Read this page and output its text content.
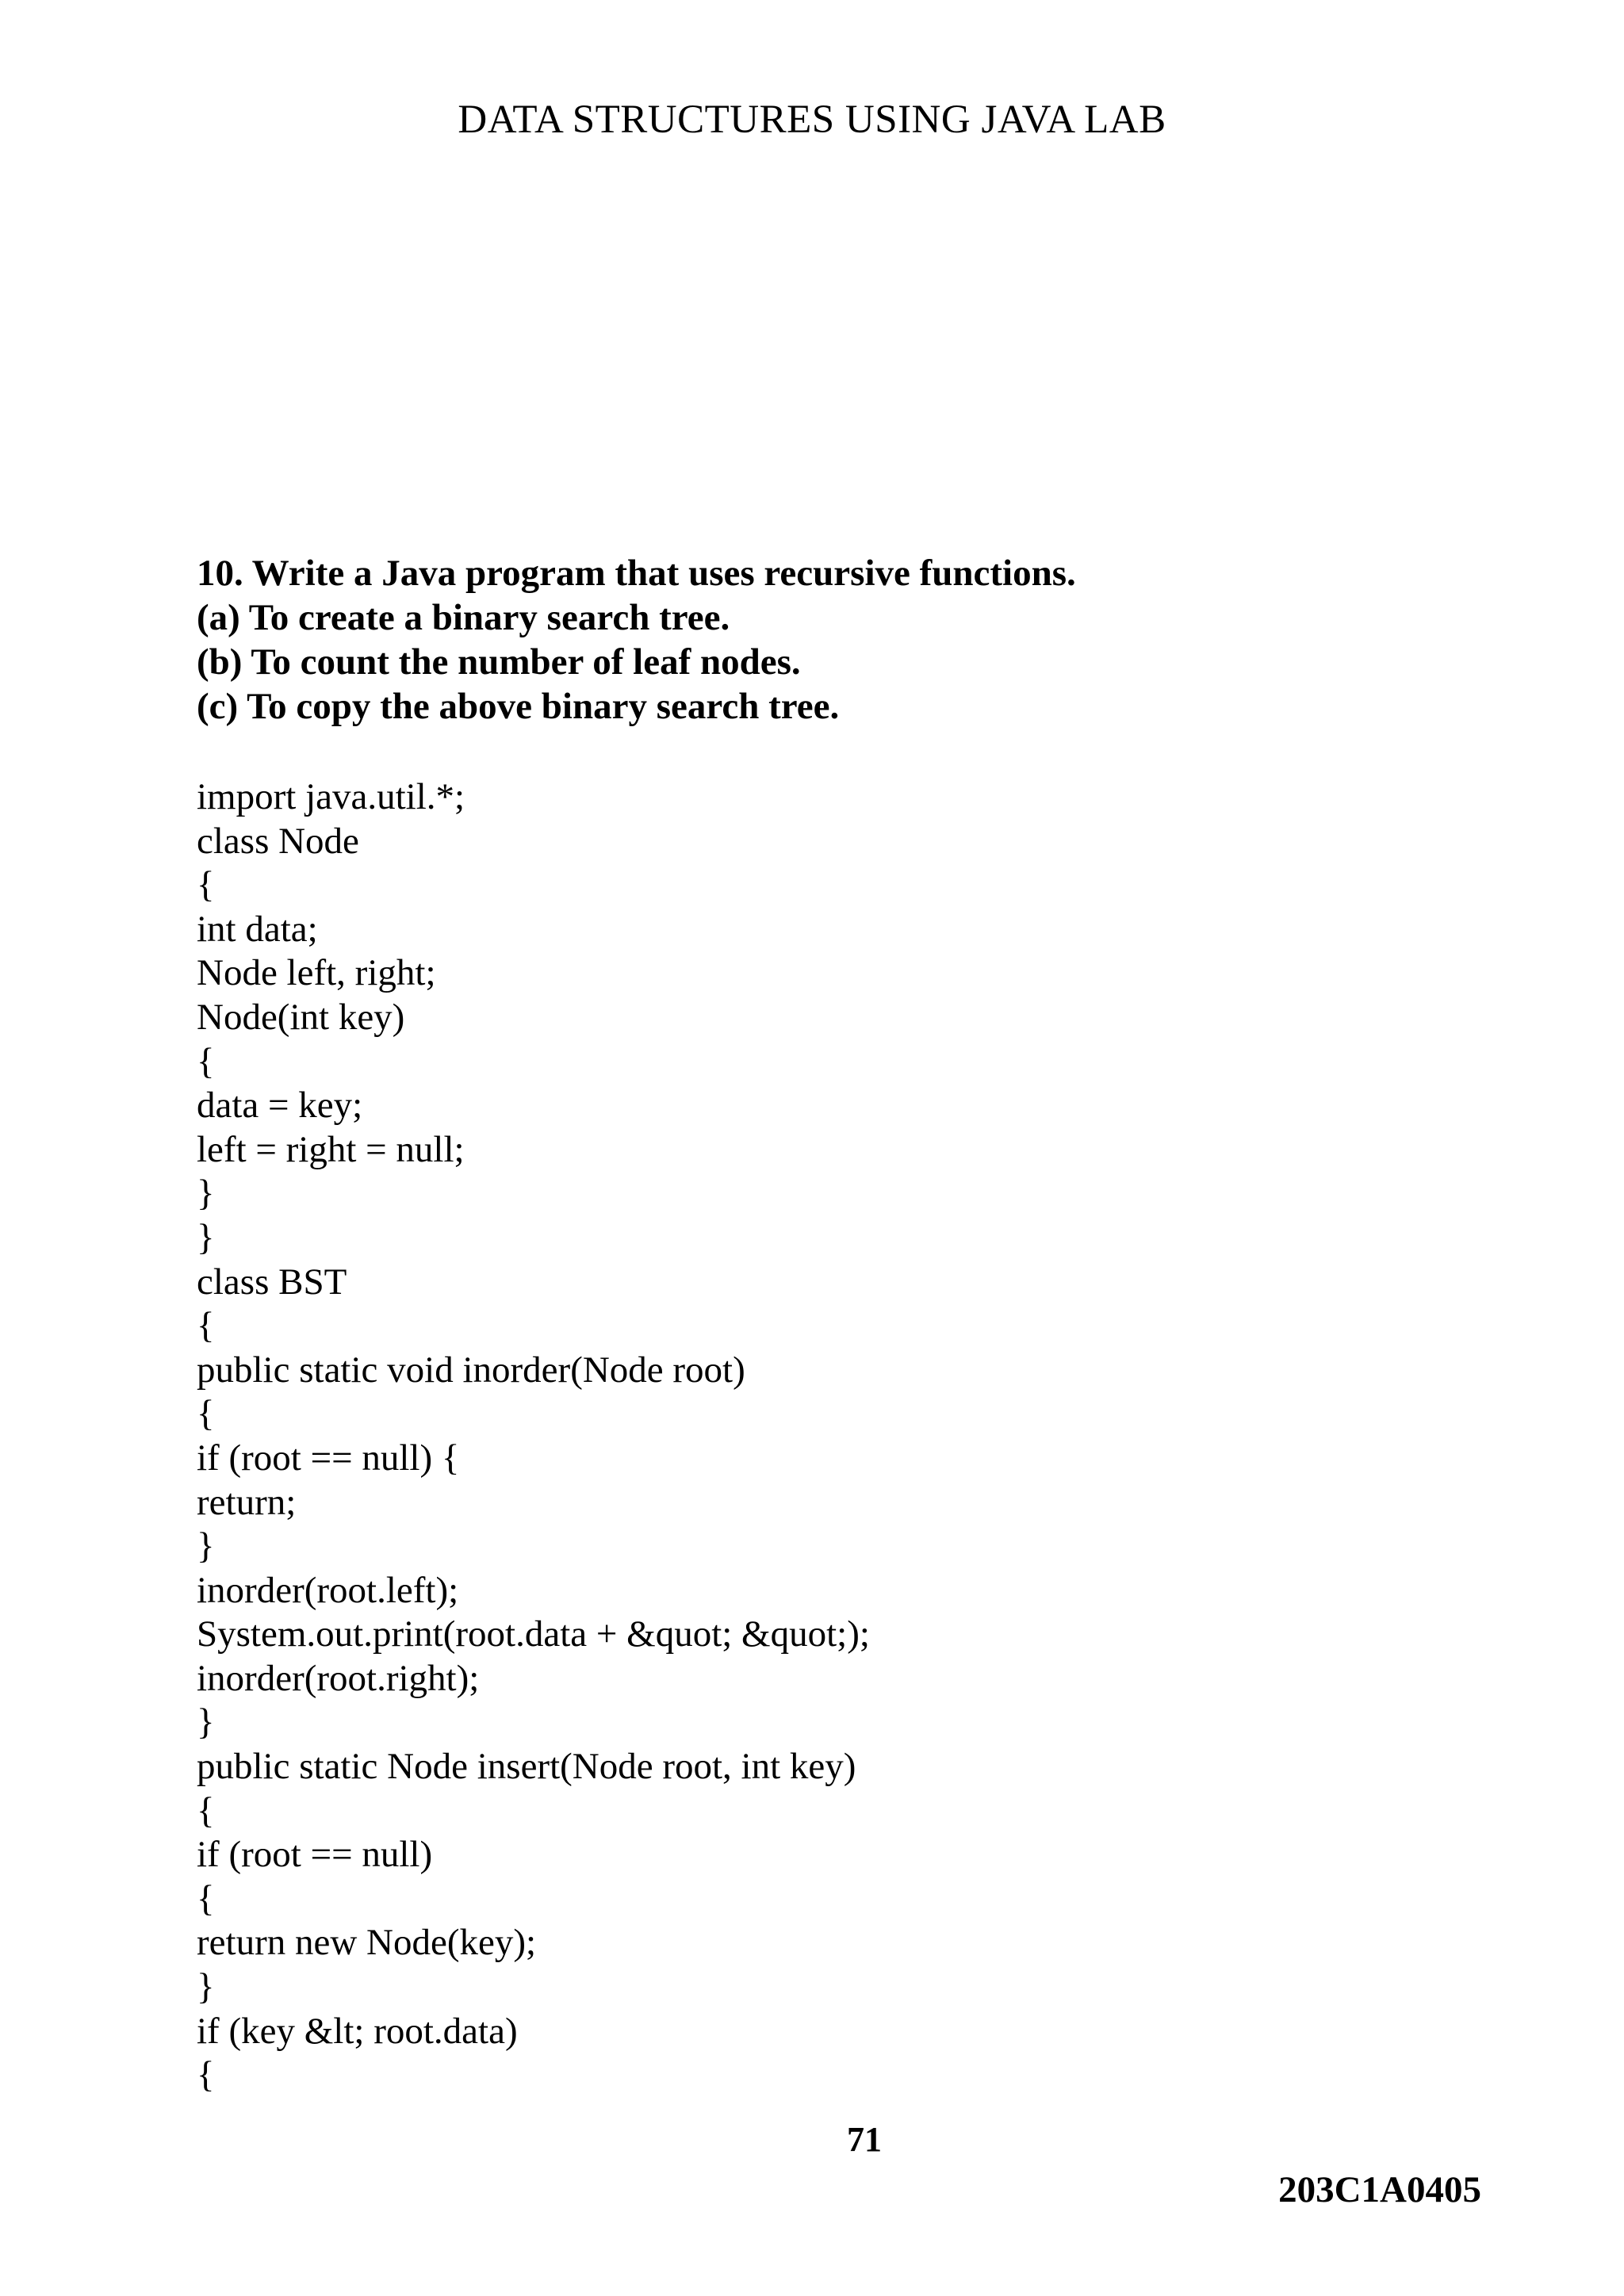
DATA STRUCTURES USING JAVA LAB
10. Write a Java program that uses recursive functions.
(a) To create a binary search tree.
(b) To count the number of leaf nodes.
(c) To copy the above binary search tree.
import java.util.*;
class Node
{
int data;
Node left, right;
Node(int key)
{
data = key;
left = right = null;
}
}
class BST
{
public static void inorder(Node root)
{
if (root == null) {
return;
}
inorder(root.left);
System.out.print(root.data + &quot; &quot;);
inorder(root.right);
}
public static Node insert(Node root, int key)
{
if (root == null)
{
return new Node(key);
}
if (key &lt; root.data)
{
71
203C1A0405
